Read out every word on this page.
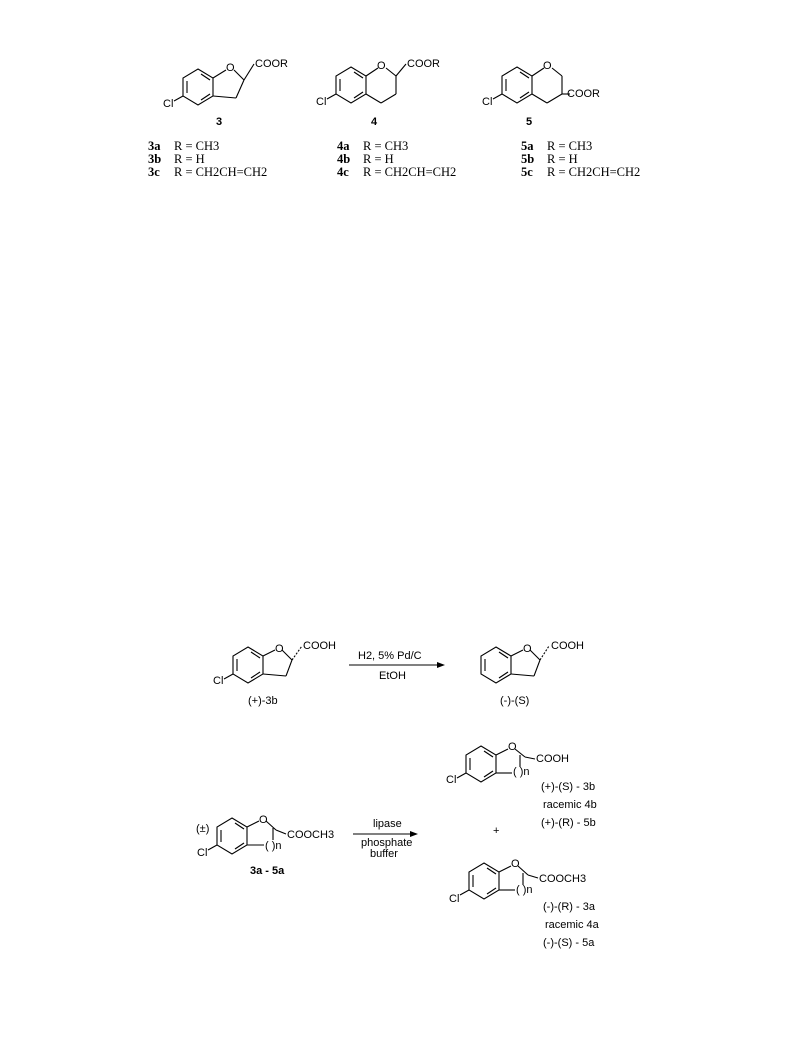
O COOR
Cl
3
O COOR
Cl
4
O
COOR
Cl
5
O COOH
Cl
(+)-3b
H2, 5% Pd/C
EtOH
O COOH
(-)-(S)
(±)
O
COOCH3
( )n
Cl
3a - 5a
lipase
phosphate
buffer
+
O
COOH
( )n
Cl
(+)-(S) - 3b
racemic 4b
(+)-(R) - 5b
O
COOCH3
( )n
Cl
(-)-(R) - 3a
racemic 4a
(-)-(S) - 5a
3a R = CH3
3b R = H
3c R = CH2CH=CH2
4a R = CH3
4b R = H
4c R = CH2CH=CH2
5a R = CH3
5b R = H
5c R = CH2CH=CH2
